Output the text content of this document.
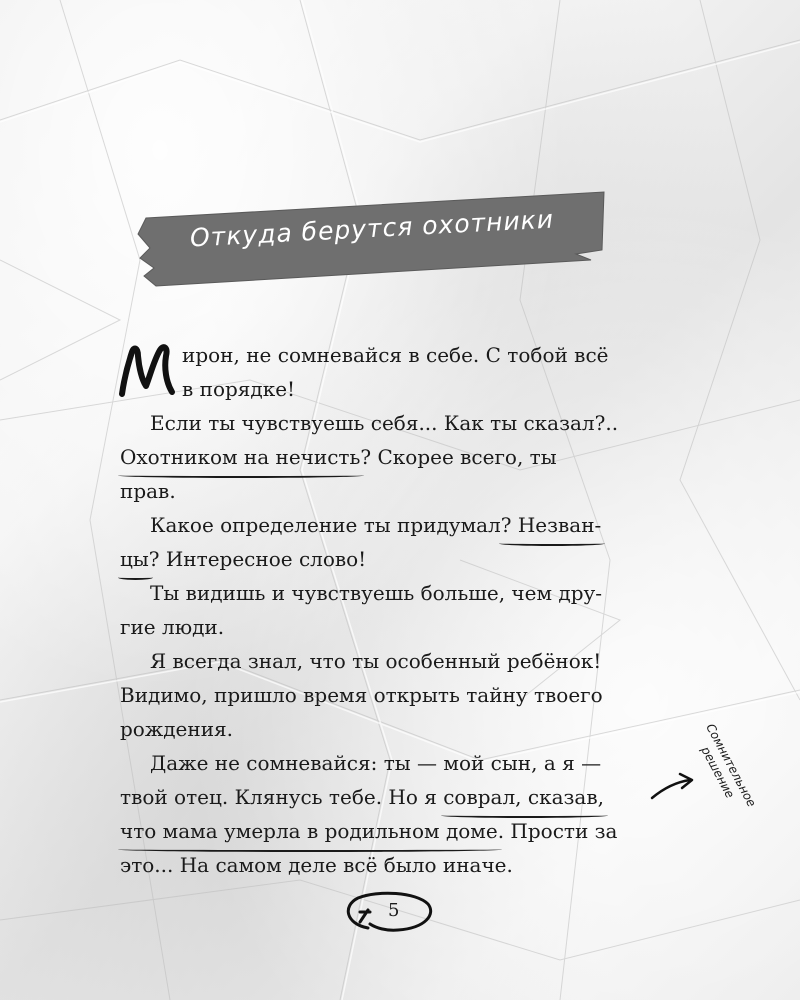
Откуда берутся охотники
М
ирон, не сомневайся в себе. С тобой всё
в порядке!
Если ты чувствуешь себя... Как ты сказал?..
Охотником на нечисть? Скорее всего, ты
прав.
Какое определение ты придумал? Незван-
цы? Интересное слово!
Ты видишь и чувствуешь больше, чем дру-
гие люди.
Я всегда знал, что ты особенный ребёнок!
Видимо, пришло время открыть тайну твоего
рождения.
Даже не сомневайся: ты — мой сын, а я —
твой отец. Клянусь тебе. Но я соврал, сказав,
что мама умерла в родильном доме. Прости за
это... На самом деле всё было иначе.
Сомнительное решение
5
